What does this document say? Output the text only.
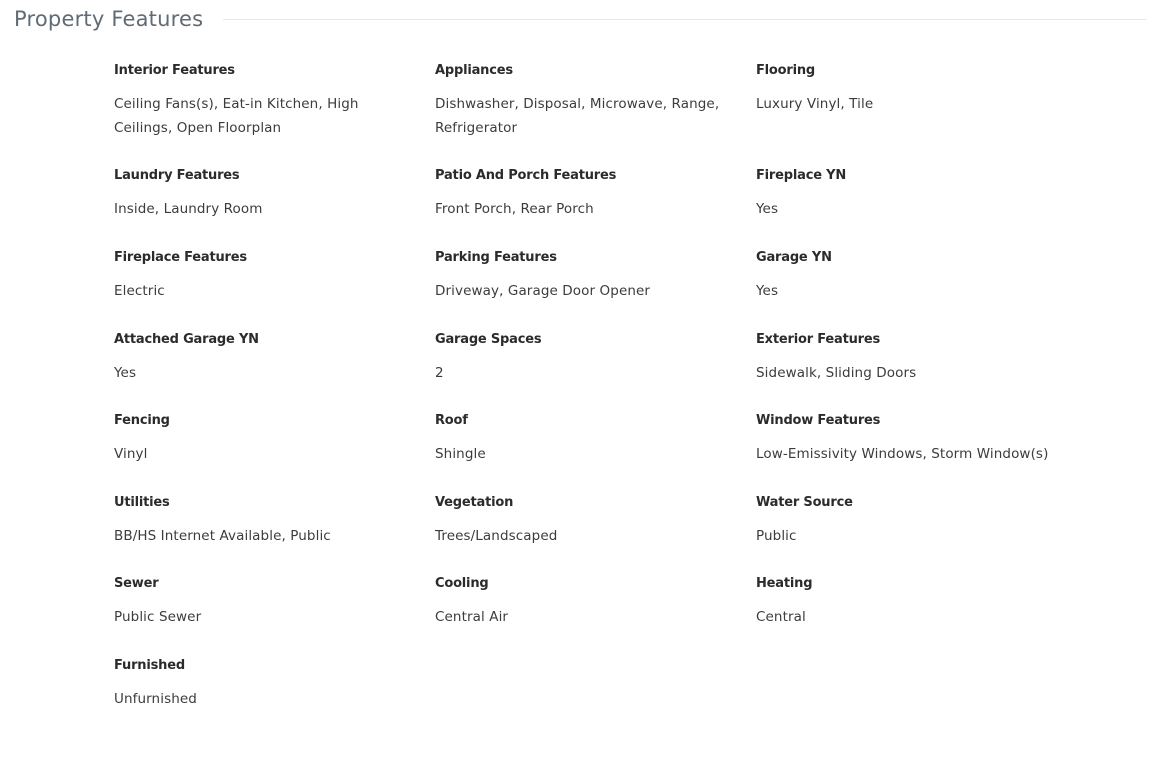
Property Features

Interior Features

Ceiling Fans(s), Eat-in Kitchen, High Ceilings, Open Floorplan

Appliances

Dishwasher, Disposal, Microwave, Range, Refrigerator

Flooring

Luxury Vinyl, Tile

Laundry Features

Inside, Laundry Room

Patio And Porch Features

Front Porch, Rear Porch

Fireplace YN

Yes

Fireplace Features

Electric

Parking Features

Driveway, Garage Door Opener

Garage YN

Yes

Attached Garage YN

Yes

Garage Spaces

2

Exterior Features

Sidewalk, Sliding Doors

Fencing

Vinyl

Roof

Shingle

Window Features

Low-Emissivity Windows, Storm Window(s)

Utilities

BB/HS Internet Available, Public

Vegetation

Trees/Landscaped

Water Source

Public

Sewer

Public Sewer

Cooling

Central Air

Heating

Central

Furnished

Unfurnished
